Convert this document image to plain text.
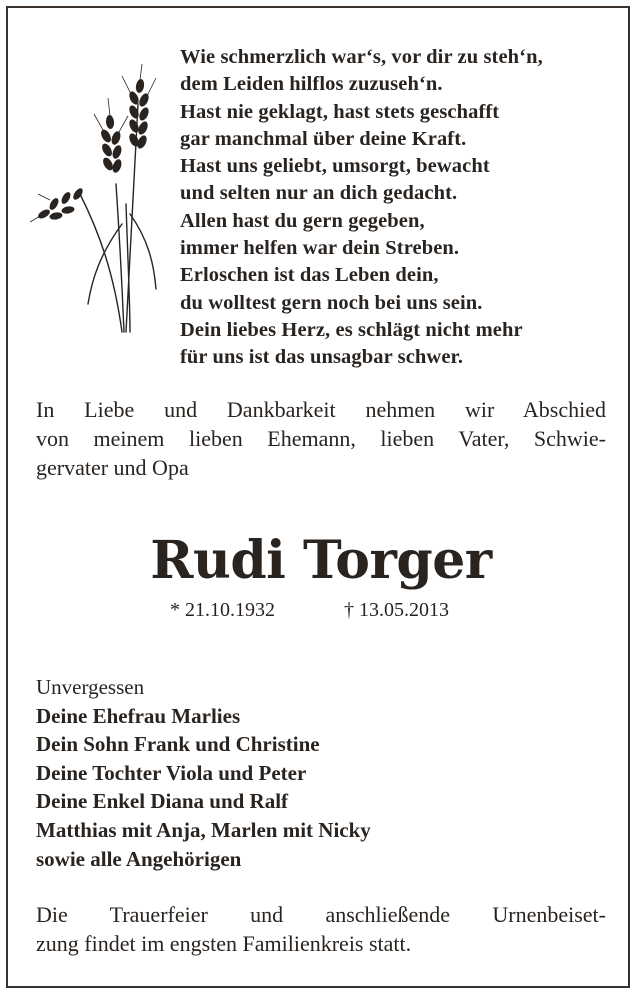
Wie schmerzlich war‘s, vor dir zu steh‘n,
dem Leiden hilflos zuzuseh‘n.
Hast nie geklagt, hast stets geschafft
gar manchmal über deine Kraft.
Hast uns geliebt, umsorgt, bewacht
und selten nur an dich gedacht.
Allen hast du gern gegeben,
immer helfen war dein Streben.
Erloschen ist das Leben dein,
du wolltest gern noch bei uns sein.
Dein liebes Herz, es schlägt nicht mehr
für uns ist das unsagbar schwer.
In Liebe und Dankbarkeit nehmen wir Abschied
von meinem lieben Ehemann, lieben Vater, Schwie-
gervater und Opa
Rudi Torger
* 21.10.1932	† 13.05.2013
Unvergessen
Deine Ehefrau Marlies
Dein Sohn Frank und Christine
Deine Tochter Viola und Peter
Deine Enkel Diana und Ralf
Matthias mit Anja, Marlen mit Nicky
sowie alle Angehörigen
Die Trauerfeier und anschließende Urnenbeiset-
zung findet im engsten Familienkreis statt.
